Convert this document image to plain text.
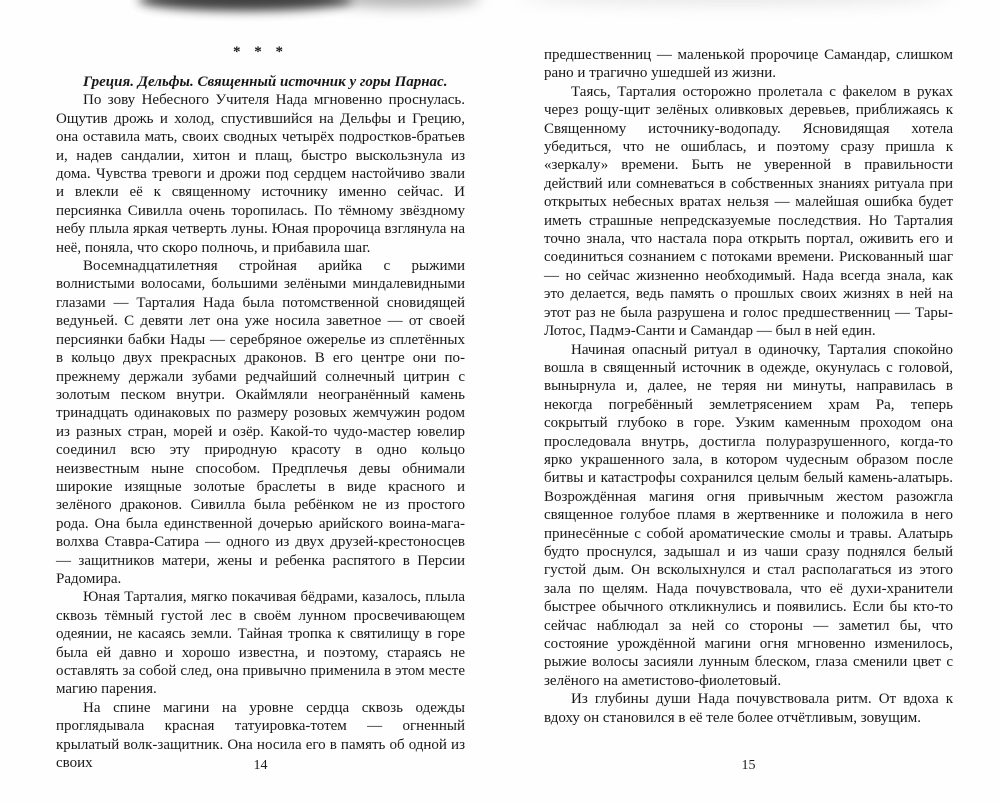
* * *
Греция. Дельфы. Священный источник у горы Парнас.

По зову Небесного Учителя Нада мгновенно проснулась. Ощутив дрожь и холод, спустившийся на Дельфы и Грецию, она оставила мать, своих сводных четырёх подростков-братьев и, надев сандалии, хитон и плащ, быстро выскользнула из дома. Чувства тревоги и дрожи под сердцем настойчиво звали и влекли её к священному источнику именно сейчас. И персиянка Сивилла очень торопилась. По тёмному звёздному небу плыла яркая четверть луны. Юная пророчица взглянула на неё, поняла, что скоро полночь, и прибавила шаг.

Восемнадцатилетняя стройная арийка с рыжими волнистыми волосами, большими зелёными миндалевидными глазами — Тарталия Нада была потомственной сновидящей ведуньей. С девяти лет она уже носила заветное — от своей персиянки бабки Нады — серебряное ожерелье из сплетённых в кольцо двух прекрасных драконов. В его центре они по-прежнему держали зубами редчайший солнечный цитрин с золотым песком внутри. Окаймляли неогранённый камень тринадцать одинаковых по размеру розовых жемчужин родом из разных стран, морей и озёр. Какой-то чудо-мастер ювелир соединил всю эту природную красоту в одно кольцо неизвестным ныне способом. Предплечья девы обнимали широкие изящные золотые браслеты в виде красного и зелёного драконов. Сивилла была ребёнком не из простого рода. Она была единственной дочерью арийского воина-мага-волхва Ставра-Сатира — одного из двух друзей-крестоносцев — защитников матери, жены и ребенка распятого в Персии Радомира.

Юная Тарталия, мягко покачивая бёдрами, казалось, плыла сквозь тёмный густой лес в своём лунном просвечивающем одеянии, не касаясь земли. Тайная тропка к святилищу в горе была ей давно и хорошо известна, и поэтому, стараясь не оставлять за собой след, она привычно применила в этом месте магию парения.

На спине магини на уровне сердца сквозь одежды проглядывала красная татуировка-тотем — огненный крылатый волк-защитник. Она носила его в память об одной из своих

предшественниц — маленькой пророчице Самандар, слишком рано и трагично ушедшей из жизни.

Таясь, Тарталия осторожно пролетала с факелом в руках через рощу-щит зелёных оливковых деревьев, приближаясь к Священному источнику-водопаду. Ясновидящая хотела убедиться, что не ошиблась, и поэтому сразу пришла к «зеркалу» времени. Быть не уверенной в правильности действий или сомневаться в собственных знаниях ритуала при открытых небесных вратах нельзя — малейшая ошибка будет иметь страшные непредсказуемые последствия. Но Тарталия точно знала, что настала пора открыть портал, оживить его и соединиться сознанием с потоками времени. Рискованный шаг — но сейчас жизненно необходимый. Нада всегда знала, как это делается, ведь память о прошлых своих жизнях в ней на этот раз не была разрушена и голос предшественниц — Тары-Лотос, Падмэ-Санти и Самандар — был в ней един.

Начиная опасный ритуал в одиночку, Тарталия спокойно вошла в священный источник в одежде, окунулась с головой, вынырнула и, далее, не теряя ни минуты, направилась в некогда погребённый землетрясением храм Ра, теперь сокрытый глубоко в горе. Узким каменным проходом она проследовала внутрь, достигла полуразрушенного, когда-то ярко украшенного зала, в котором чудесным образом после битвы и катастрофы сохранился целым белый камень-алатырь. Возрождённая магиня огня привычным жестом разожгла священное голубое пламя в жертвеннике и положила в него принесённые с собой ароматические смолы и травы. Алатырь будто проснулся, задышал и из чаши сразу поднялся белый густой дым. Он всколыхнулся и стал располагаться из этого зала по щелям. Нада почувствовала, что её духи-хранители быстрее обычного откликнулись и появились. Если бы кто-то сейчас наблюдал за ней со стороны — заметил бы, что состояние урождённой магини огня мгновенно изменилось, рыжие волосы засияли лунным блеском, глаза сменили цвет с зелёного на аметистово-фиолетовый.

Из глубины души Нада почувствовала ритм. От вдоха к вдоху он становился в её теле более отчётливым, зовущим.

14	15
